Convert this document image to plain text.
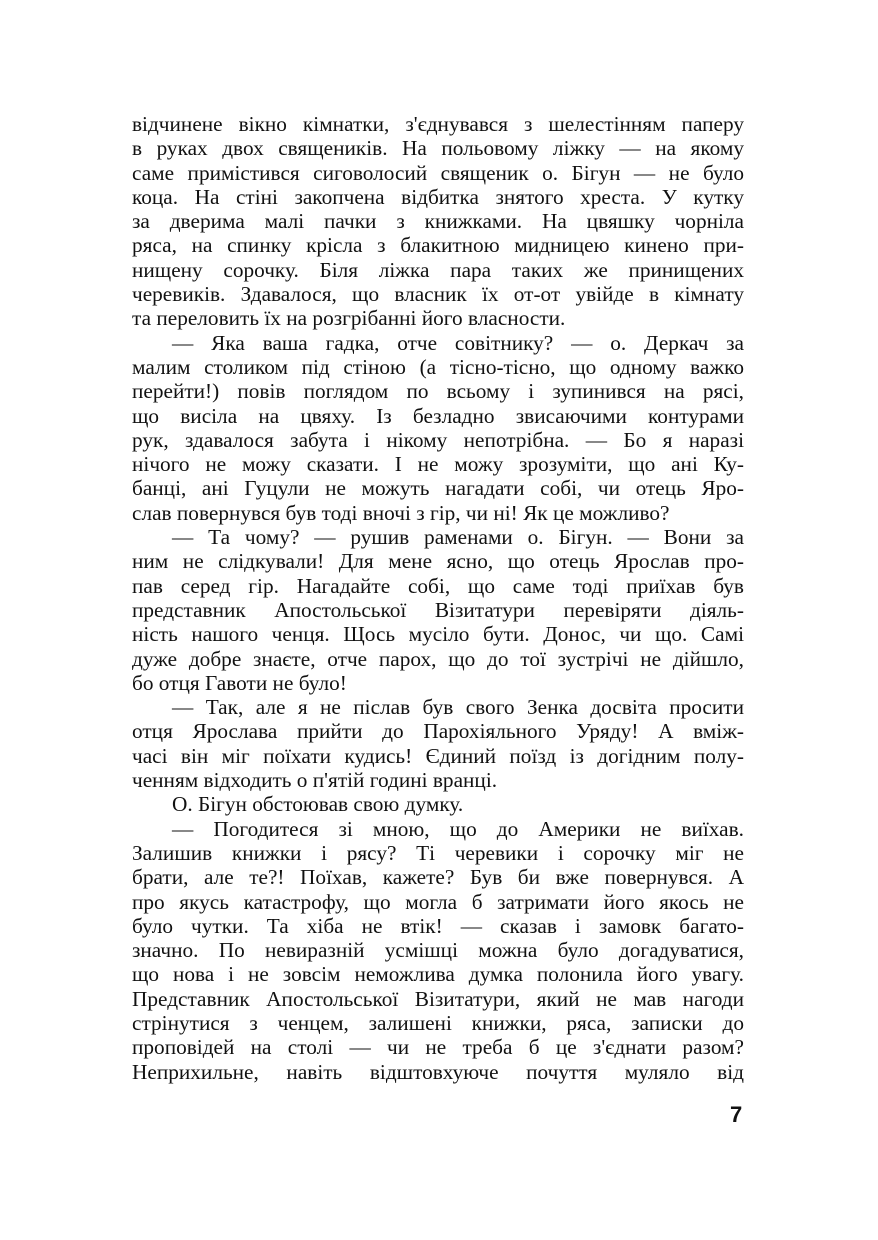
відчинене вікно кімнатки, з'єднувався з шелестінням паперу
в руках двох священиків. На польовому ліжку — на якому
саме примістився сиговолосий священик о. Бігун — не було
коца. На стіні закопчена відбитка знятого хреста. У кутку
за дверима малі пачки з книжками. На цвяшку чорніла
ряса, на спинку крісла з блакитною мидницею кинено при-
нищену сорочку. Біля ліжка пара таких же принищених
черевиків. Здавалося, що власник їх от-от увійде в кімнату
та переловить їх на розгрібанні його власности.
— Яка ваша гадка, отче совітнику? — о. Деркач за
малим столиком під стіною (а тісно-тісно, що одному важко
перейти!) повів поглядом по всьому і зупинився на рясі,
що висіла на цвяху. Із безладно звисаючими контурами
рук, здавалося забута і нікому непотрібна. — Бо я наразі
нічого не можу сказати. І не можу зрозуміти, що ані Ку-
банці, ані Гуцули не можуть нагадати собі, чи отець Яро-
слав повернувся був тоді вночі з гір, чи ні! Як це можливо?
— Та чому? — рушив раменами о. Бігун. — Вони за
ним не слідкували! Для мене ясно, що отець Ярослав про-
пав серед гір. Нагадайте собі, що саме тоді приїхав був
представник Апостольської Візитатури перевіряти діяль-
ність нашого ченця. Щось мусіло бути. Донос, чи що. Самі
дуже добре знаєте, отче парох, що до тої зустрічі не дійшло,
бо отця Гавоти не було!
— Так, але я не післав був свого Зенка досвіта просити
отця Ярослава прийти до Парохіяльного Уряду! А вміж-
часі він міг поїхати кудись! Єдиний поїзд із догідним полу-
ченням відходить о п'ятій годині вранці.
О. Бігун обстоював свою думку.
— Погодитеся зі мною, що до Америки не виїхав.
Залишив книжки і рясу? Ті черевики і сорочку міг не
брати, але те?! Поїхав, кажете? Був би вже повернувся. А
про якусь катастрофу, що могла б затримати його якось не
було чутки. Та хіба не втік! — сказав і замовк багато-
значно. По невиразній усмішці можна було догадуватися,
що нова і не зовсім неможлива думка полонила його увагу.
Представник Апостольської Візитатури, який не мав нагоди
стрінутися з ченцем, залишені книжки, ряса, записки до
проповідей на столі — чи не треба б це з'єднати разом?
Неприхильне, навіть відштовхуюче почуття муляло від
7
